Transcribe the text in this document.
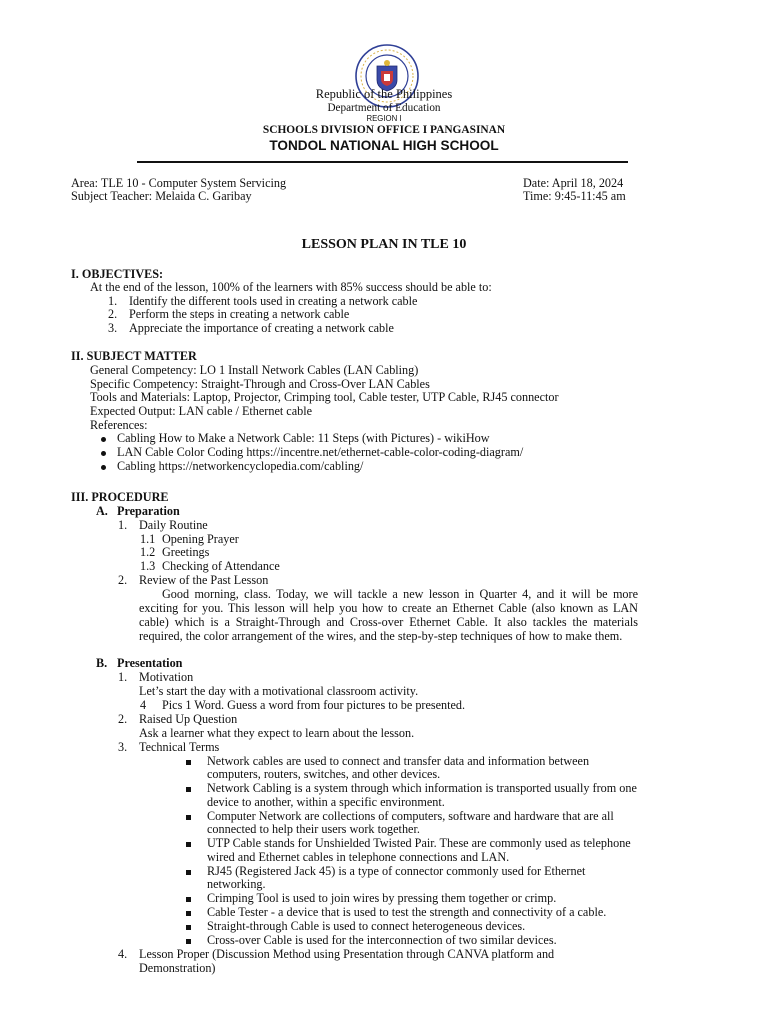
Republic of the Philippines
Department of Education
REGION I
SCHOOLS DIVISION OFFICE I PANGASINAN
TONDOL NATIONAL HIGH SCHOOL
Area: TLE 10 - Computer System Servicing
Subject Teacher: Melaida C. Garibay
Date: April 18, 2024
Time: 9:45-11:45 am
LESSON PLAN IN TLE 10
I. OBJECTIVES:
At the end of the lesson, 100% of the learners with 85% success should be able to:
1. Identify the different tools used in creating a network cable
2. Perform the steps in creating a network cable
3. Appreciate the importance of creating a network cable
II. SUBJECT MATTER
General Competency: LO 1 Install Network Cables (LAN Cabling)
Specific Competency: Straight-Through and Cross-Over LAN Cables
Tools and Materials: Laptop, Projector, Crimping tool, Cable tester, UTP Cable, RJ45 connector
Expected Output: LAN cable / Ethernet cable
References:
Cabling How to Make a Network Cable: 11 Steps (with Pictures) - wikiHow
LAN Cable Color Coding https://incentre.net/ethernet-cable-color-coding-diagram/
Cabling https://networkencyclopedia.com/cabling/
III. PROCEDURE
A. Preparation
1. Daily Routine
1.1 Opening Prayer
1.2 Greetings
1.3 Checking of Attendance
2. Review of the Past Lesson
Good morning, class. Today, we will tackle a new lesson in Quarter 4, and it will be more
exciting for you. This lesson will help you how to create an Ethernet Cable (also known as LAN
cable) which is a Straight-Through and Cross-over Ethernet Cable. It also tackles the materials
required, the color arrangement of the wires, and the step-by-step techniques of how to make them.
B. Presentation
1. Motivation
Let’s start the day with a motivational classroom activity.
4 Pics 1 Word. Guess a word from four pictures to be presented.
2. Raised Up Question
Ask a learner what they expect to learn about the lesson.
3. Technical Terms
Network cables are used to connect and transfer data and information between
computers, routers, switches, and other devices.
Network Cabling is a system through which information is transported usually from one
device to another, within a specific environment.
Computer Network are collections of computers, software and hardware that are all
connected to help their users work together.
UTP Cable stands for Unshielded Twisted Pair. These are commonly used as telephone
wired and Ethernet cables in telephone connections and LAN.
RJ45 (Registered Jack 45) is a type of connector commonly used for Ethernet
networking.
Crimping Tool is used to join wires by pressing them together or crimp.
Cable Tester - a device that is used to test the strength and connectivity of a cable.
Straight-through Cable is used to connect heterogeneous devices.
Cross-over Cable is used for the interconnection of two similar devices.
4. Lesson Proper (Discussion Method using Presentation through CANVA platform and
Demonstration)
